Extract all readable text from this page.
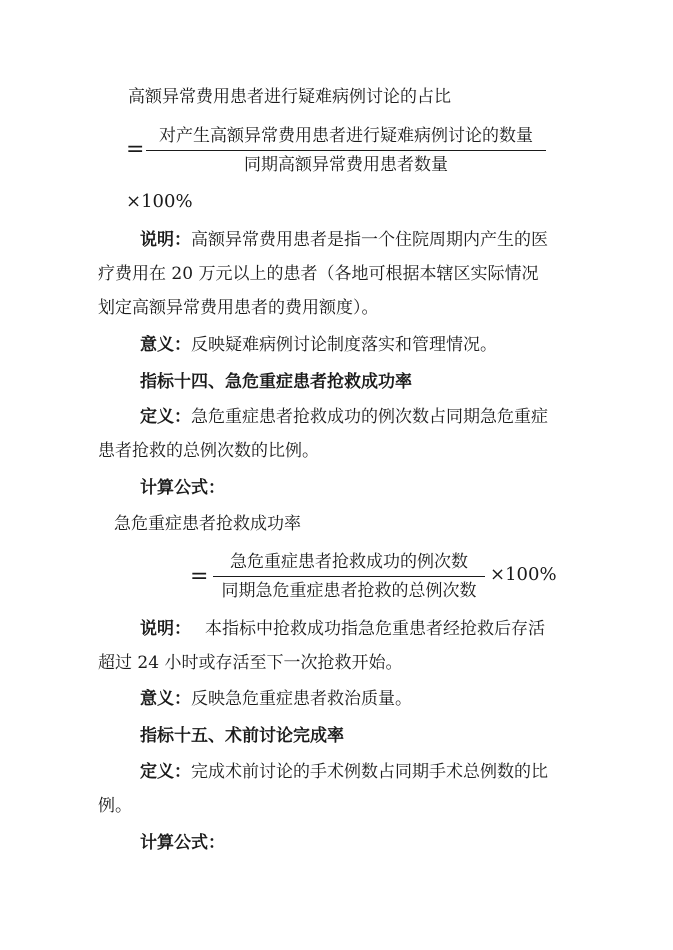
高额异常费用患者进行疑难病例讨论的占比
=
对产生高额异常费用患者进行疑难病例讨论的数量
同期高额异常费用患者数量
×100%
说明：高额异常费用患者是指一个住院周期内产生的医
疗费用在 20 万元以上的患者（各地可根据本辖区实际情况
划定高额异常费用患者的费用额度）。
意义：反映疑难病例讨论制度落实和管理情况。
指标十四、急危重症患者抢救成功率
定义：急危重症患者抢救成功的例次数占同期急危重症
患者抢救的总例次数的比例。
计算公式：
急危重症患者抢救成功率
=
急危重症患者抢救成功的例次数
同期急危重症患者抢救的总例次数
×100%
说明： 本指标中抢救成功指急危重患者经抢救后存活
超过 24 小时或存活至下一次抢救开始。
意义：反映急危重症患者救治质量。
指标十五、术前讨论完成率
定义：完成术前讨论的手术例数占同期手术总例数的比
例。
计算公式：
